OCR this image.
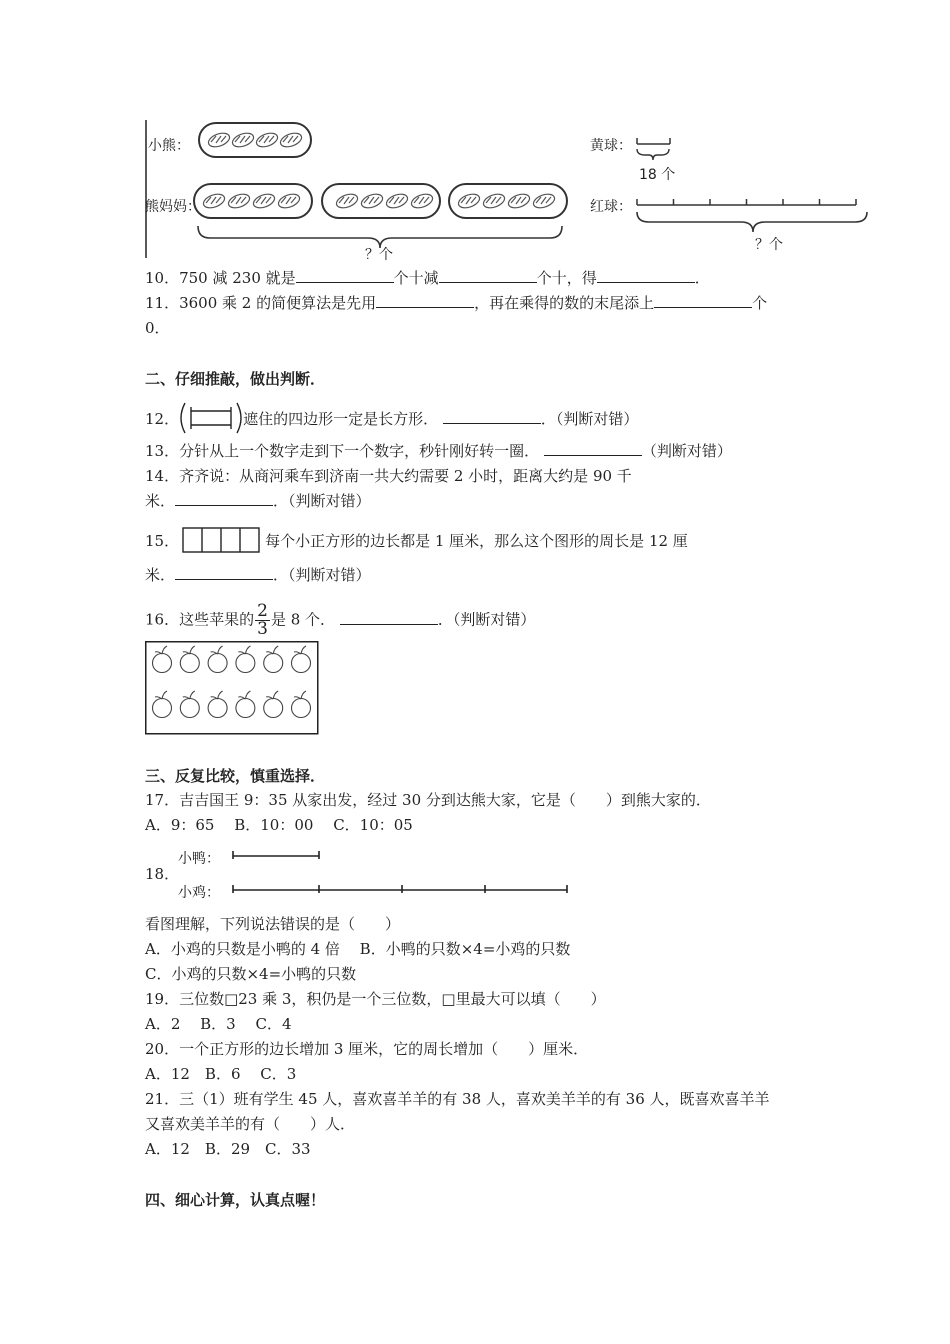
小熊：
熊妈妈：
？个
黄球：
18 个
红球：
？个
10．750 减 230 就是	个十减	个十，得	．
11．3600 乘 2 的简便算法是先用	，再在乘得的数的末尾添上	个
0．
二、仔细推敲，做出判断．
12．	遮住的四边形一定是长方形．	．（判断对错）
13．分针从上一个数字走到下一个数字，秒针刚好转一圈．	（判断对错）
14．齐齐说：从商河乘车到济南一共大约需要 2 小时，距离大约是 90 千
米．	．（判断对错）
15．	每个小正方形的边长都是 1 厘米，那么这个图形的周长是 12 厘
米．	．（判断对错）
16．这些苹果的 $\frac{2}{3}$ 是 8 个．	．（判断对错）
三、反复比较，慎重选择．
17．吉吉国王 9：35 从家出发，经过 30 分到达熊大家，它是（　　）到熊大家的．
A．9：65　 B．10：00　 C．10：05
18．
小鸭：
小鸡：
看图理解，下列说法错误的是（　　）
A．小鸡的只数是小鸭的 4 倍　 B．小鸭的只数×4=小鸡的只数
C．小鸡的只数×4=小鸭的只数
19．三位数□23 乘 3，积仍是一个三位数，□里最大可以填（　　）
A．2　 B．3　 C．4
20．一个正方形的边长增加 3 厘米，它的周长增加（　　）厘米．
A．12　B．6　 C．3
21．三（1）班有学生 45 人，喜欢喜羊羊的有 38 人，喜欢美羊羊的有 36 人，既喜欢喜羊羊
又喜欢美羊羊的有（　　）人．
A．12　B．29　C．33
四、细心计算，认真点喔！
